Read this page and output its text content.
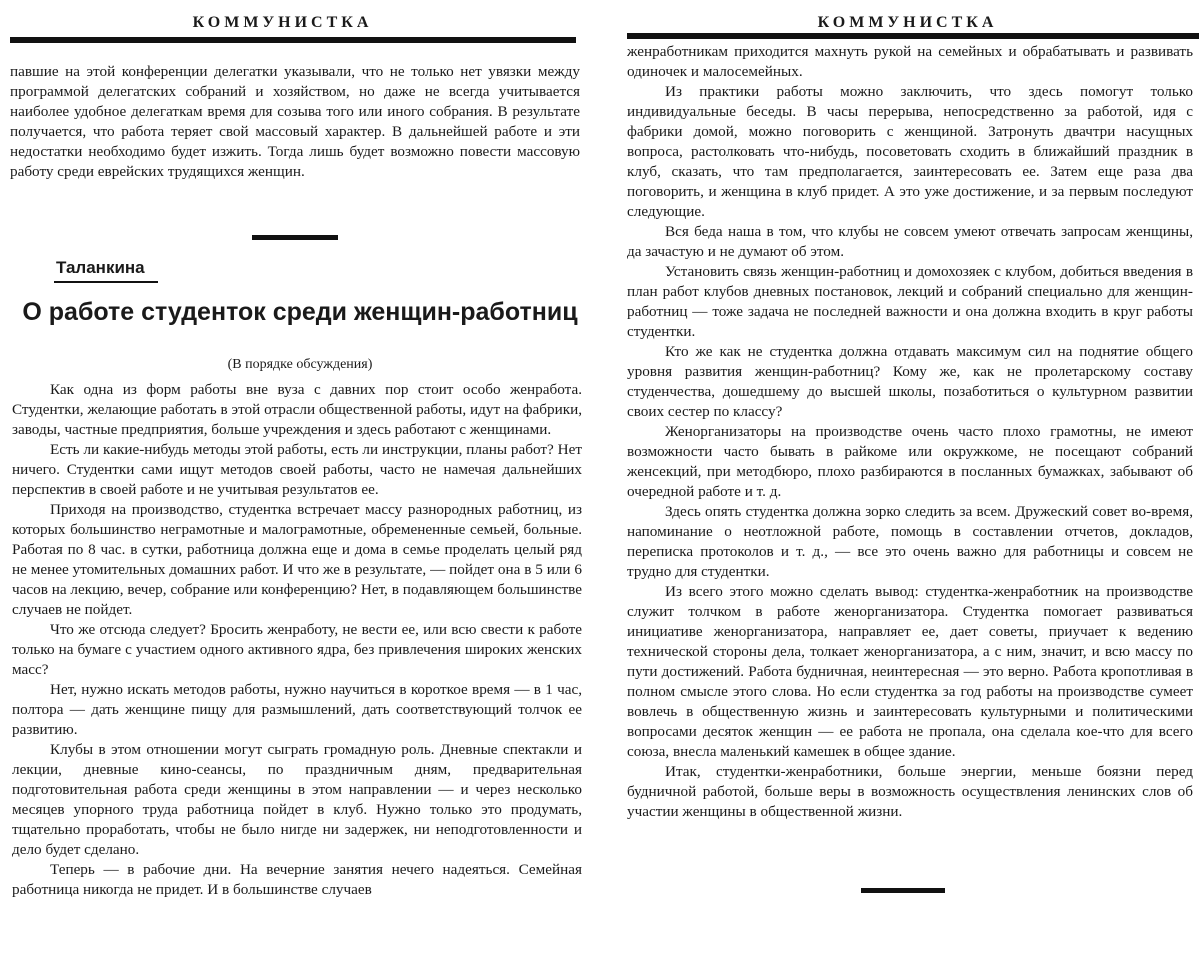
КОММУНИСТКА

павшие на этой конференции делегатки указывали, что не только нет увязки между программой делегатских собраний и хозяйством, но даже не всегда учитывается наиболее удобное делегаткам время для созыва того или иного собрания. В результате получается, что работа теряет свой массовый характер. В дальнейшей работе и эти недостатки необходимо будет изжить. Тогда лишь будет возможно повести массовую работу среди еврейских трудящихся женщин.

Таланкина
О работе студенток среди женщин-работниц
(В порядке обсуждения)

Как одна из форм работы вне вуза с давних пор стоит особо женработа. Студентки, желающие работать в этой отрасли общественной работы, идут на фабрики, заводы, частные предприятия, больше учреждения и здесь работают с женщинами.

Есть ли какие-нибудь методы этой работы, есть ли инструкции, планы работ? Нет ничего. Студентки сами ищут методов своей работы, часто не намечая дальнейших перспектив в своей работе и не учитывая результатов ее.

Приходя на производство, студентка встречает массу разнородных работниц, из которых большинство неграмотные и малограмотные, обремененные семьей, больные. Работая по 8 час. в сутки, работница должна еще и дома в семье проделать целый ряд не менее утомительных домашних работ. И что же в результате, — пойдет она в 5 или 6 часов на лекцию, вечер, собрание или конференцию? Нет, в подавляющем большинстве случаев не пойдет.

Что же отсюда следует? Бросить женработу, не вести ее, или всю свести к работе только на бумаге с участием одного активного ядра, без привлечения широких женских масс?

Нет, нужно искать методов работы, нужно научиться в короткое время — в 1 час, полтора — дать женщине пищу для размышлений, дать соответствующий толчок ее развитию.

Клубы в этом отношении могут сыграть громадную роль. Дневные спектакли и лекции, дневные кино-сеансы, по праздничным дням, предварительная подготовительная работа среди женщины в этом направлении — и через несколько месяцев упорного труда работница пойдет в клуб. Нужно только это продумать, тщательно проработать, чтобы не было нигде ни задержек, ни неподготовленности и дело будет сделано.

Теперь — в рабочие дни. На вечерние занятия нечего надеяться. Семейная работница никогда не придет. И в большинстве случаев

КОММУНИСТКА

женработникам приходится махнуть рукой на семейных и обрабатывать и развивать одиночек и малосемейных.

Из практики работы можно заключить, что здесь помогут только индивидуальные беседы. В часы перерыва, непосредственно за работой, идя с фабрики домой, можно поговорить с женщиной. Затронуть двачтри насущных вопроса, растолковать что-нибудь, посоветовать сходить в ближайший праздник в клуб, сказать, что там предполагается, заинтересовать ее. Затем еще раза два поговорить, и женщина в клуб придет. А это уже достижение, и за первым последуют следующие.

Вся беда наша в том, что клубы не совсем умеют отвечать запросам женщины, да зачастую и не думают об этом.

Установить связь женщин-работниц и домохозяек с клубом, добиться введения в план работ клубов дневных постановок, лекций и собраний специально для женщин-работниц — тоже задача не последней важности и она должна входить в круг работы студентки.

Кто же как не студентка должна отдавать максимум сил на поднятие общего уровня развития женщин-работниц? Кому же, как не пролетарскому составу студенчества, дошедшему до высшей школы, позаботиться о культурном развитии своих сестер по классу?

Женорганизаторы на производстве очень часто плохо грамотны, не имеют возможности часто бывать в райкоме или окружкоме, не посещают собраний женсекций, при методбюро, плохо разбираются в посланных бумажках, забывают об очередной работе и т. д.

Здесь опять студентка должна зорко следить за всем. Дружеский совет во-время, напоминание о неотложной работе, помощь в составлении отчетов, докладов, переписка протоколов и т. д., — все это очень важно для работницы и совсем не трудно для студентки.

Из всего этого можно сделать вывод: студентка-женработник на производстве служит толчком в работе женорганизатора. Студентка помогает развиваться инициативе женорганизатора, направляет ее, дает советы, приучает к ведению технической стороны дела, толкает женорганизатора, а с ним, значит, и всю массу по пути достижений. Работа будничная, неинтересная — это верно. Работа кропотливая в полном смысле этого слова. Но если студентка за год работы на производстве сумеет вовлечь в общественную жизнь и заинтересовать культурными и политическими вопросами десяток женщин — ее работа не пропала, она сделала кое-что для всего союза, внесла маленький камешек в общее здание.

Итак, студентки-женработники, больше энергии, меньше боязни перед будничной работой, больше веры в возможность осуществления ленинских слов об участии женщины в общественной жизни.
